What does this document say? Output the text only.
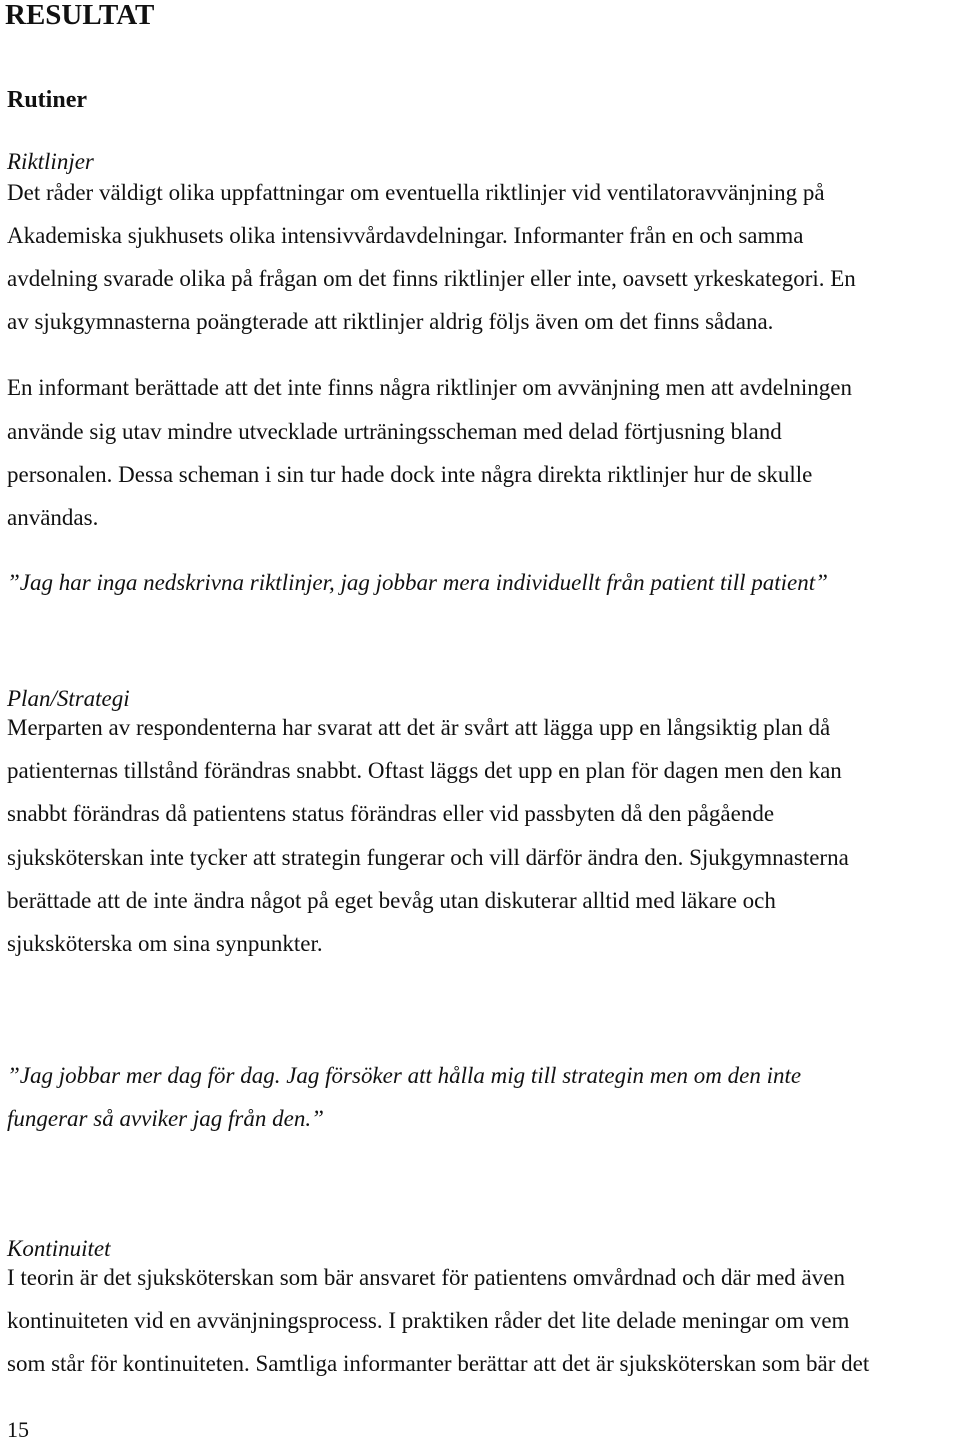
RESULTAT
Rutiner
Riktlinjer
Det råder väldigt olika uppfattningar om eventuella riktlinjer vid ventilatoravvänjning på
Akademiska sjukhusets olika intensivvårdavdelningar. Informanter från en och samma
avdelning svarade olika på frågan om det finns riktlinjer eller inte, oavsett yrkeskategori. En
av sjukgymnasterna poängterade att riktlinjer aldrig följs även om det finns sådana.
En informant berättade att det inte finns några riktlinjer om avvänjning men att avdelningen
använde sig utav mindre utvecklade urträningsscheman med delad förtjusning bland
personalen. Dessa scheman i sin tur hade dock inte några direkta riktlinjer hur de skulle
användas.
”Jag har inga nedskrivna riktlinjer, jag jobbar mera individuellt från patient till patient”
Plan/Strategi
Merparten av respondenterna har svarat att det är svårt att lägga upp en långsiktig plan då
patienternas tillstånd förändras snabbt. Oftast läggs det upp en plan för dagen men den kan
snabbt förändras då patientens status förändras eller vid passbyten då den pågående
sjuksköterskan inte tycker att strategin fungerar och vill därför ändra den. Sjukgymnasterna
berättade att de inte ändra något på eget bevåg utan diskuterar alltid med läkare och
sjuksköterska om sina synpunkter.
”Jag jobbar mer dag för dag. Jag försöker att hålla mig till strategin men om den inte
fungerar så avviker jag från den.”
Kontinuitet
I teorin är det sjuksköterskan som bär ansvaret för patientens omvårdnad och där med även
kontinuiteten vid en avvänjningsprocess. I praktiken råder det lite delade meningar om vem
som står för kontinuiteten. Samtliga informanter berättar att det är sjuksköterskan som bär det
15
